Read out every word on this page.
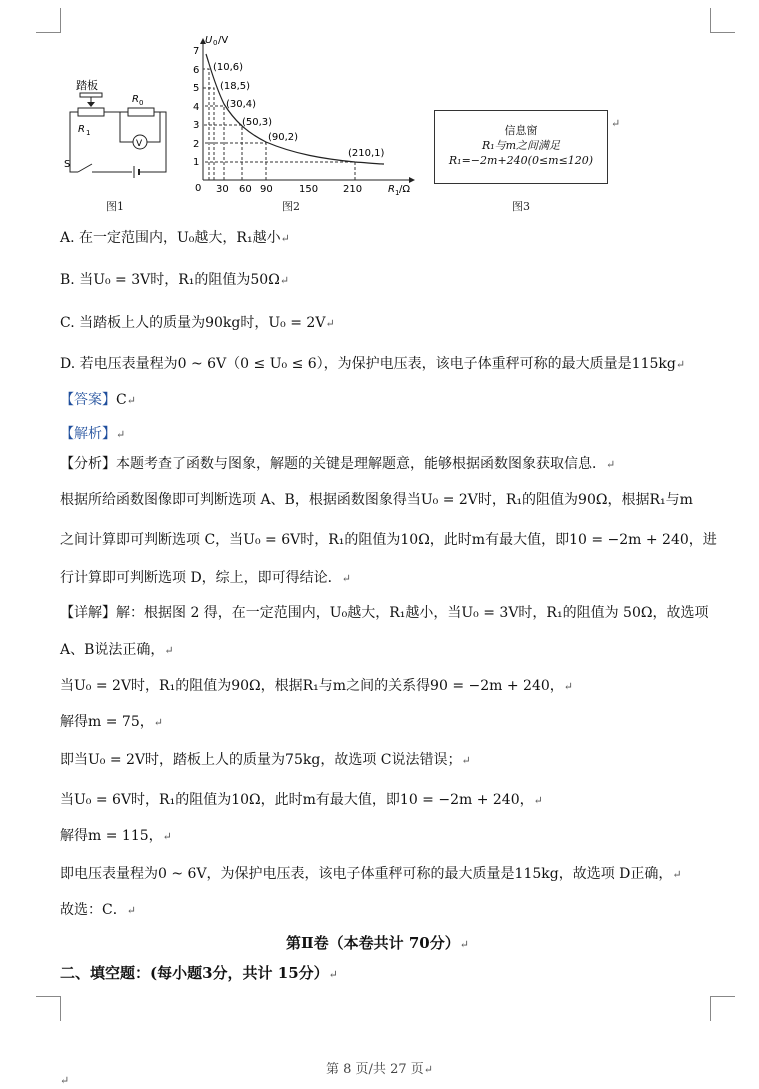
踏板
R 1
R 0
V
S
图1
U 0 /V
R 1 /Ω
0
1
2
3
4
5
6
7
30 60 90	150 210
(10,6)
(18,5)
(30,4)
(50,3)
(90,2)
(210,1)
图2
信息窗
R₁与m之间满足
R₁=−2m+240(0≤m≤120)
↵
图3
A. 在一定范围内，U₀越大，R₁越小↵
B. 当U₀ = 3V时，R₁的阻值为50Ω↵
C. 当踏板上人的质量为90kg时，U₀ = 2V↵
D. 若电压表量程为0 ~ 6V（0 ≤ U₀ ≤ 6），为保护电压表，该电子体重秤可称的最大质量是115kg↵
【答案】C↵
【解析】↵
【分析】本题考查了函数与图象，解题的关键是理解题意，能够根据函数图象获取信息．↵
根据所给函数图像即可判断选项 A、B，根据函数图象得当U₀ = 2V时，R₁的阻值为90Ω，根据R₁与m
之间计算即可判断选项 C，当U₀ = 6V时，R₁的阻值为10Ω，此时m有最大值，即10 = −2m + 240，进
行计算即可判断选项 D，综上，即可得结论．↵
【详解】解：根据图 2 得，在一定范围内，U₀越大，R₁越小，当U₀ = 3V时，R₁的阻值为 50Ω，故选项
A、B说法正确，↵
当U₀ = 2V时，R₁的阻值为90Ω，根据R₁与m之间的关系得90 = −2m + 240，↵
解得m = 75，↵
即当U₀ = 2V时，踏板上人的质量为75kg，故选项 C说法错误；↵
当U₀ = 6V时，R₁的阻值为10Ω，此时m有最大值，即10 = −2m + 240，↵
解得m = 115，↵
即电压表量程为0 ~ 6V，为保护电压表，该电子体重秤可称的最大质量是115kg，故选项 D正确，↵
故选：C．↵
第Ⅱ卷（本卷共计 70分）↵
二、填空题：(每小题3分，共计 15分）↵
第 8 页/共 27 页↵
↵
